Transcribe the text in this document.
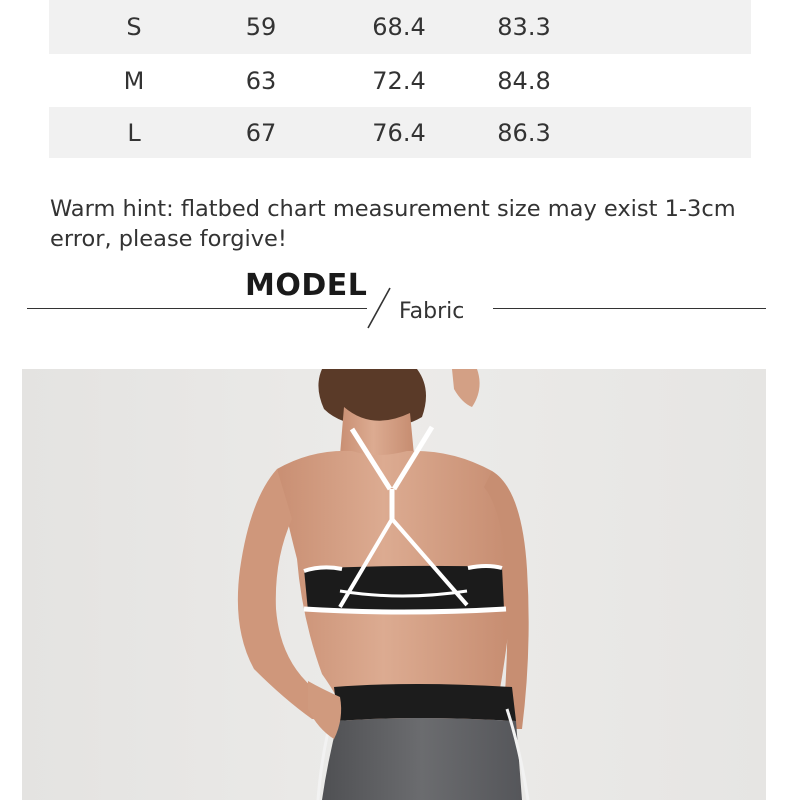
S	59	68.4	83.3
M	63	72.4	84.8
L	67	76.4	86.3
Warm hint: flatbed chart measurement size may exist 1-3cm error, please forgive!
MODEL
Fabric
